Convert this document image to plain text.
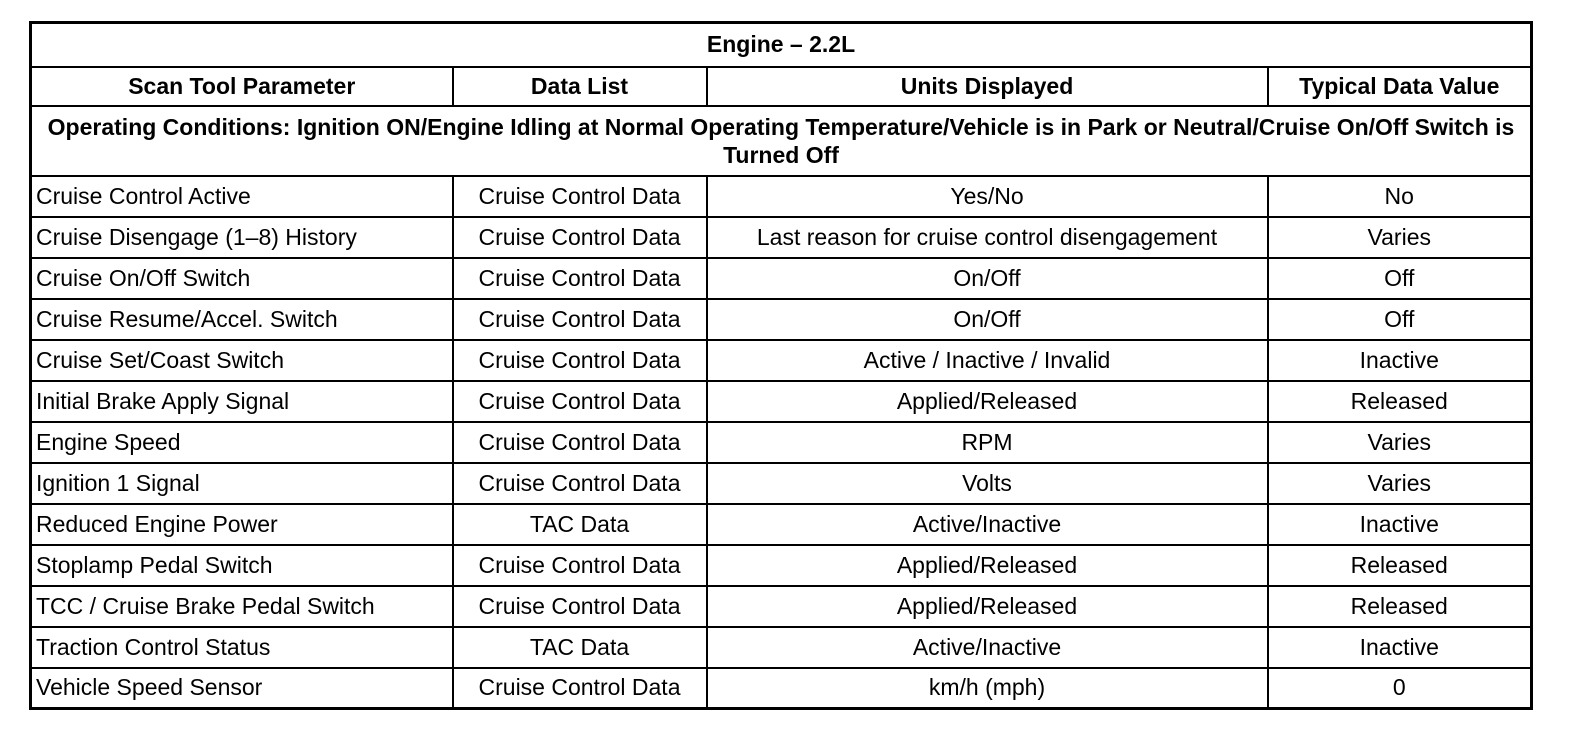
Engine – 2.2L			
Scan Tool Parameter	Data List	Units Displayed	Typical Data Value
Operating Conditions: Ignition ON/Engine Idling at Normal Operating Temperature/Vehicle is in Park or Neutral/Cruise On/Off Switch is Turned Off			
Cruise Control Active	Cruise Control Data	Yes/No	No
Cruise Disengage (1–8) History	Cruise Control Data	Last reason for cruise control disengagement	Varies
Cruise On/Off Switch	Cruise Control Data	On/Off	Off
Cruise Resume/Accel. Switch	Cruise Control Data	On/Off	Off
Cruise Set/Coast Switch	Cruise Control Data	Active / Inactive / Invalid	Inactive
Initial Brake Apply Signal	Cruise Control Data	Applied/Released	Released
Engine Speed	Cruise Control Data	RPM	Varies
Ignition 1 Signal	Cruise Control Data	Volts	Varies
Reduced Engine Power	TAC Data	Active/Inactive	Inactive
Stoplamp Pedal Switch	Cruise Control Data	Applied/Released	Released
TCC / Cruise Brake Pedal Switch	Cruise Control Data	Applied/Released	Released
Traction Control Status	TAC Data	Active/Inactive	Inactive
Vehicle Speed Sensor	Cruise Control Data	km/h (mph)	0
